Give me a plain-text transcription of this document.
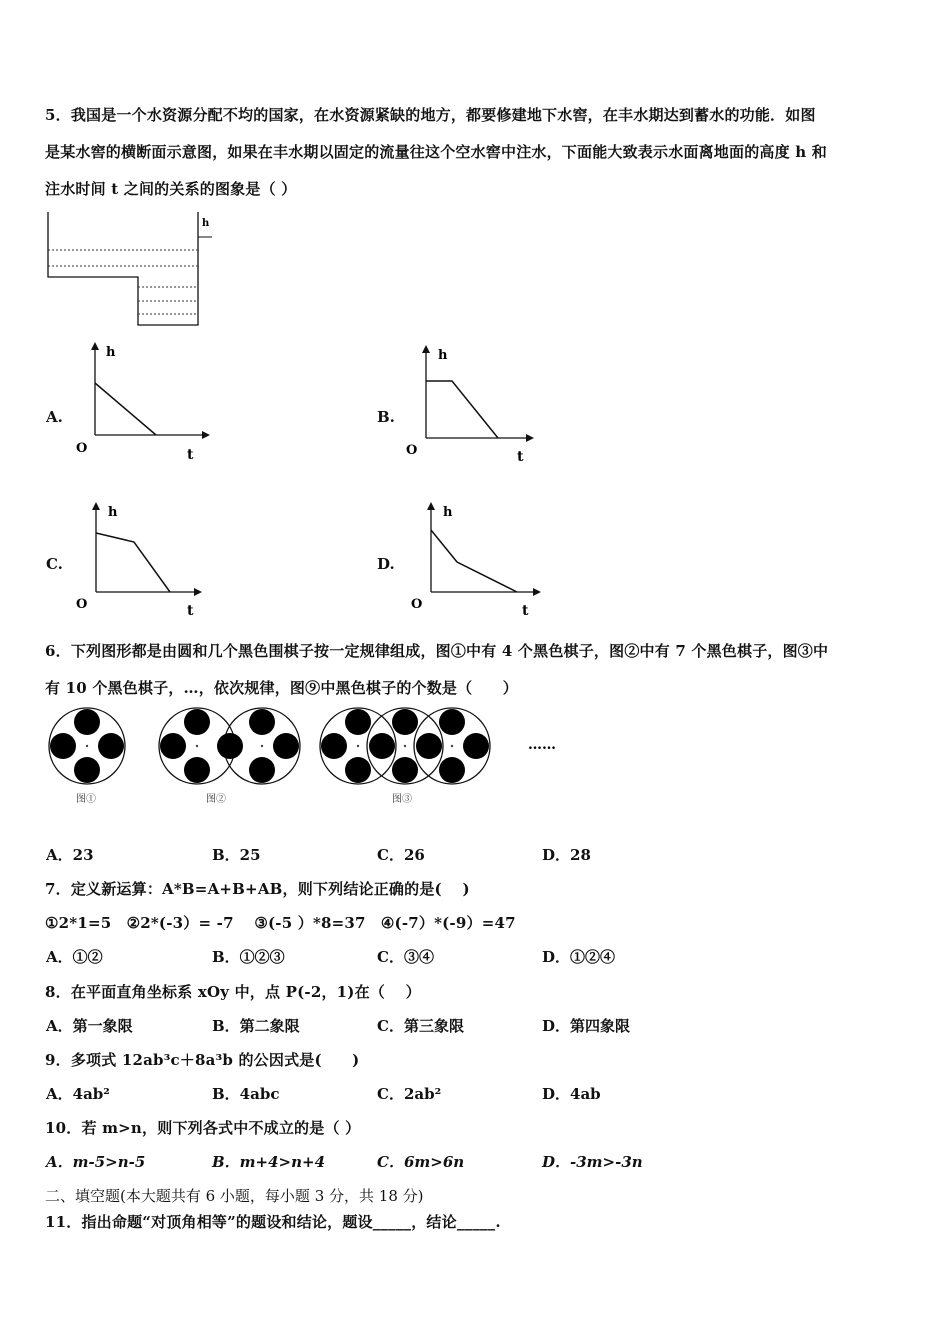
5．我国是一个水资源分配不均的国家，在水资源紧缺的地方，都要修建地下水窖，在丰水期达到蓄水的功能．如图
是某水窖的横断面示意图，如果在丰水期以固定的流量往这个空水窖中注水，下面能大致表示水面离地面的高度 h 和
注水时间 t 之间的关系的图象是（ ）
h
A.
h
O	t
B.
h
O	t
C.
h
O	t
D.
h
O	t
6．下列图形都是由圆和几个黑色围棋子按一定规律组成，图①中有 4 个黑色棋子，图②中有 7 个黑色棋子，图③中
有 10 个黑色棋子，…，依次规律，图⑨中黑色棋子的个数是（　　）
图①	图②	图③
……
A．23	B．25	C．26	D．28
7．定义新运算：A*B=A+B+AB，则下列结论正确的是(　 )
①2*1=5　②2*(-3）= -7　 ③(-5 ）*8=37　④(-7）*(-9）=47
A．①②	B．①②③	C．③④	D．①②④
8．在平面直角坐标系 xOy 中，点 P(-2，1)在（　 ）
A．第一象限	B．第二象限	C．第三象限	D．第四象限
9．多项式 12ab³c＋8a³b 的公因式是(　　)
A．4ab²	B．4abc	C．2ab²	D．4ab
10．若 m>n，则下列各式中不成立的是（ ）
A．m-5>n-5	B．m+4>n+4	C．6m>6n	D．-3m>-3n
二、填空题(本大题共有 6 小题，每小题 3 分，共 18 分)
11．指出命题“对顶角相等”的题设和结论，题设_____，结论_____.
